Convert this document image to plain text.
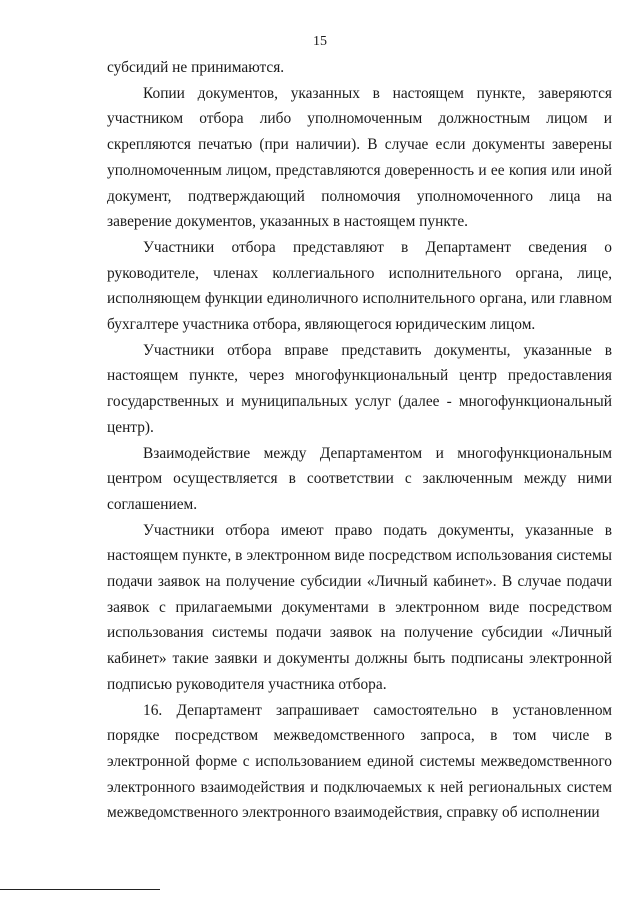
15

субсидий не принимаются.

Копии документов, указанных в настоящем пункте, заверяются участником отбора либо уполномоченным должностным лицом и скрепляются печатью (при наличии). В случае если документы заверены уполномоченным лицом, представляются доверенность и ее копия или иной документ, подтверждающий полномочия уполномоченного лица на заверение документов, указанных в настоящем пункте.

Участники отбора представляют в Департамент сведения о руководителе, членах коллегиального исполнительного органа, лице, исполняющем функции единоличного исполнительного органа, или главном бухгалтере участника отбора, являющегося юридическим лицом.

Участники отбора вправе представить документы, указанные в настоящем пункте, через многофункциональный центр предоставления государственных и муниципальных услуг (далее - многофункциональный центр).

Взаимодействие между Департаментом и многофункциональным центром осуществляется в соответствии с заключенным между ними соглашением.

Участники отбора имеют право подать документы, указанные в настоящем пункте, в электронном виде посредством использования системы подачи заявок на получение субсидии «Личный кабинет». В случае подачи заявок с прилагаемыми документами в электронном виде посредством использования системы подачи заявок на получение субсидии «Личный кабинет» такие заявки и документы должны быть подписаны электронной подписью руководителя участника отбора.

16. Департамент запрашивает самостоятельно в установленном порядке посредством межведомственного запроса, в том числе в электронной форме с использованием единой системы межведомственного электронного взаимодействия и подключаемых к ней региональных систем межведомственного электронного взаимодействия, справку об исполнении
